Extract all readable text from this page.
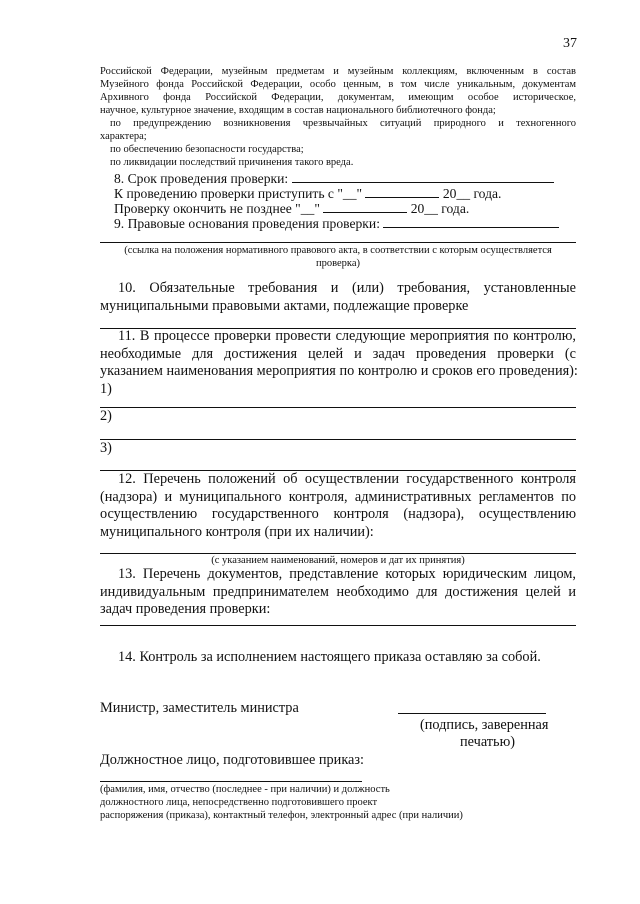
37
Российской Федерации, музейным предметам и музейным коллекциям, включенным в состав
Музейного фонда Российской Федерации, особо ценным, в том числе уникальным, документам
Архивного фонда Российской Федерации, документам, имеющим особое историческое,
научное, культурное значение, входящим в состав национального библиотечного фонда;
по предупреждению возникновения чрезвычайных ситуаций природного и техногенного
характера;
по обеспечению безопасности государства;
по ликвидации последствий причинения такого вреда.
8. Срок проведения проверки:
К проведению проверки приступить с "__"	20__ года.
Проверку окончить не позднее "__"	20__ года.
9. Правовые основания проведения проверки:
(ссылка на положения нормативного правового акта, в соответствии с которым осуществляется
проверка)
10. Обязательные требования и (или) требования, установленные
муниципальными правовыми актами, подлежащие проверке
11. В процессе проверки провести следующие мероприятия по контролю,
необходимые для достижения целей и задач проведения проверки (с
указанием наименования мероприятия по контролю и сроков его проведения):
1)
2)
3)
12. Перечень положений об осуществлении государственного контроля
(надзора) и муниципального контроля, административных регламентов по
осуществлению государственного контроля (надзора), осуществлению
муниципального контроля (при их наличии):
(с указанием наименований, номеров и дат их принятия)
13. Перечень документов, представление которых юридическим лицом,
индивидуальным предпринимателем необходимо для достижения целей и
задач проведения проверки:
14. Контроль за исполнением настоящего приказа оставляю за собой.
Министр, заместитель министра
(подпись, заверенная
печатью)
Должностное лицо, подготовившее приказ:
(фамилия, имя, отчество (последнее - при наличии) и должность
должностного лица, непосредственно подготовившего проект
распоряжения (приказа), контактный телефон, электронный адрес (при наличии)
